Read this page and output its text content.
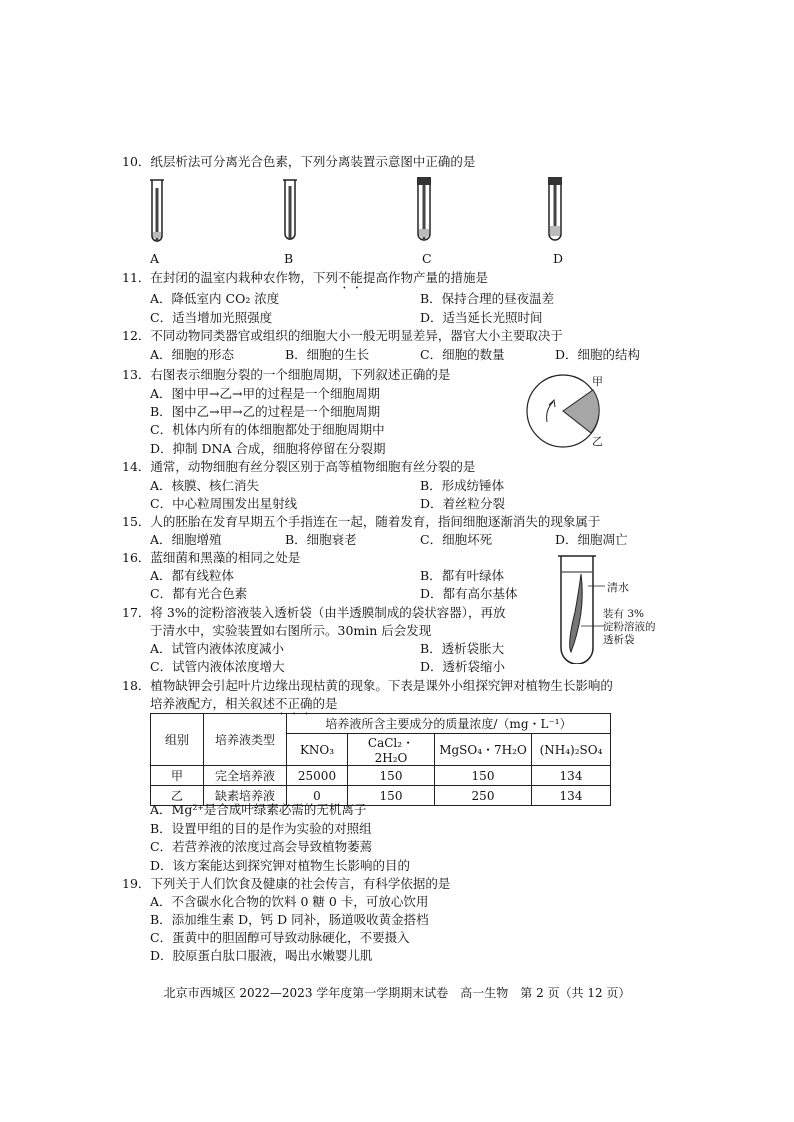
10．纸层析法可分离光合色素，下列分离装置示意图中正确的是
A	B	C	D
11．在封闭的温室内栽种农作物，下列不能提高作物产量的措施是
A．降低室内 CO₂ 浓度	B．保持合理的昼夜温差
C．适当增加光照强度	D．适当延长光照时间
12．不同动物同类器官或组织的细胞大小一般无明显差异，器官大小主要取决于
A．细胞的形态	B．细胞的生长	C．细胞的数量	D．细胞的结构
13．右图表示细胞分裂的一个细胞周期，下列叙述正确的是
A．图中甲→乙→甲的过程是一个细胞周期
B．图中乙→甲→乙的过程是一个细胞周期
C．机体内所有的体细胞都处于细胞周期中
D．抑制 DNA 合成，细胞将停留在分裂期
甲
乙
14．通常，动物细胞有丝分裂区别于高等植物细胞有丝分裂的是
A．核膜、核仁消失	B．形成纺锤体
C．中心粒周围发出星射线	D．着丝粒分裂
15．人的胚胎在发育早期五个手指连在一起，随着发育，指间细胞逐渐消失的现象属于
A．细胞增殖	B．细胞衰老	C．细胞坏死	D．细胞凋亡
16．蓝细菌和黑藻的相同之处是
A．都有线粒体	B．都有叶绿体
C．都有光合色素	D．都有高尔基体
17．将 3%的淀粉溶液装入透析袋（由半透膜制成的袋状容器），再放
于清水中，实验装置如右图所示。30min 后会发现
A．试管内液体浓度减小	B．透析袋胀大
C．试管内液体浓度增大	D．透析袋缩小
清水
装有 3%
淀粉溶液的
透析袋
18．植物缺钾会引起叶片边缘出现枯黄的现象。下表是课外小组探究钾对植物生长影响的
培养液配方，相关叙述不正确的是
组别	培养液类型	培养液所含主要成分的质量浓度/（mg・L⁻¹）			
		KNO₃	CaCl₂・2H₂O	MgSO₄・7H₂O	(NH₄)₂SO₄
甲	完全培养液	25000	150	150	134
乙	缺素培养液	0	150	250	134
A．Mg²⁺是合成叶绿素必需的无机离子
B．设置甲组的目的是作为实验的对照组
C．若营养液的浓度过高会导致植物萎蔫
D．该方案能达到探究钾对植物生长影响的目的
19．下列关于人们饮食及健康的社会传言，有科学依据的是
A．不含碳水化合物的饮料 0 糖 0 卡，可放心饮用
B．添加维生素 D，钙 D 同补，肠道吸收黄金搭档
C．蛋黄中的胆固醇可导致动脉硬化，不要摄入
D．胶原蛋白肽口服液，喝出水嫩婴儿肌
北京市西城区 2022—2023 学年度第一学期期末试卷　高一生物　第 2 页（共 12 页）
